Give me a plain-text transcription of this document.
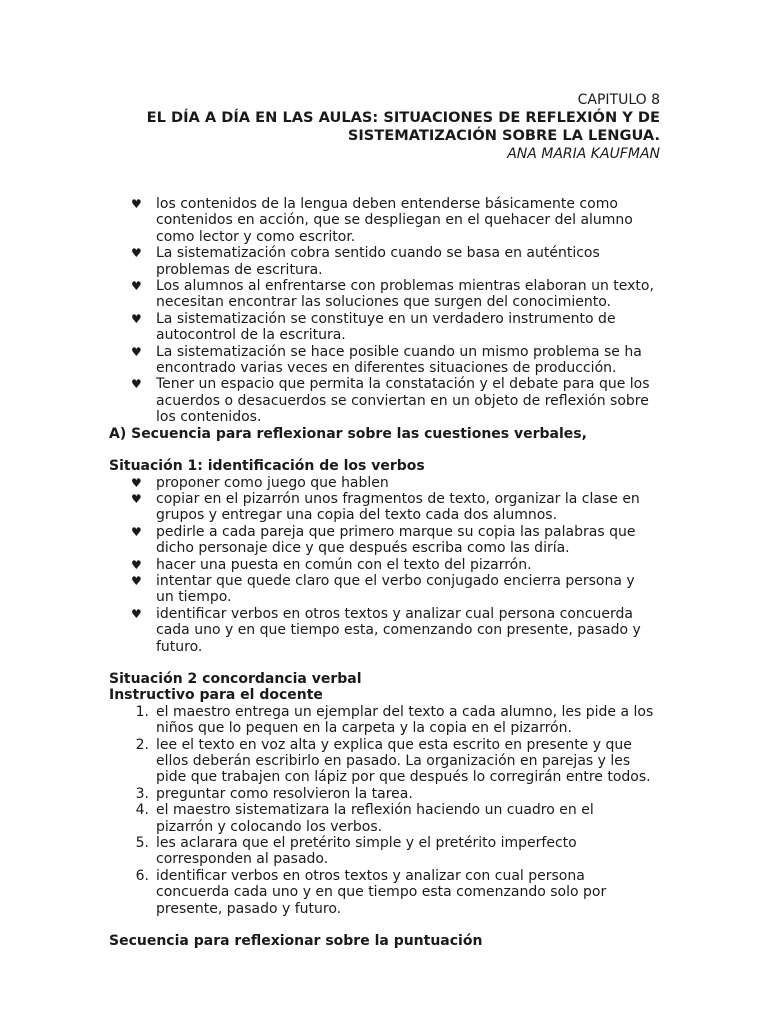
CAPITULO 8
EL DÍA A DÍA EN LAS AULAS: SITUACIONES DE REFLEXIÓN Y DE
SISTEMATIZACIÓN SOBRE LA LENGUA.
ANA MARIA KAUFMAN
♥ los contenidos de la lengua deben entenderse básicamente como contenidos en acción, que se despliegan en el quehacer del alumno como lector y como escritor.
♥ La sistematización cobra sentido cuando se basa en auténticos problemas de escritura.
♥ Los alumnos al enfrentarse con problemas mientras elaboran un texto, necesitan encontrar las soluciones que surgen del conocimiento.
♥ La sistematización se constituye en un verdadero instrumento de autocontrol de la escritura.
♥ La sistematización se hace posible cuando un mismo problema se ha encontrado varias veces en diferentes situaciones de producción.
♥ Tener un espacio que permita la constatación y el debate para que los acuerdos o desacuerdos se conviertan en un objeto de reflexión sobre los contenidos.
A) Secuencia para reflexionar sobre las cuestiones verbales,
Situación 1: identificación de los verbos
♥ proponer como juego que hablen
♥ copiar en el pizarrón unos fragmentos de texto, organizar la clase en grupos y entregar una copia del texto cada dos alumnos.
♥ pedirle a cada pareja que primero marque su copia las palabras que dicho personaje dice y que después escriba como las diría.
♥ hacer una puesta en común con el texto del pizarrón.
♥ intentar que quede claro que el verbo conjugado encierra persona y un tiempo.
♥ identificar verbos en otros textos y analizar cual persona concuerda cada uno y en que tiempo esta, comenzando con presente, pasado y futuro.
Situación 2 concordancia verbal
Instructivo para el docente
1. el maestro entrega un ejemplar del texto a cada alumno, les pide a los niños que lo pequen en la carpeta y la copia en el pizarrón.
2. lee el texto en voz alta y explica que esta escrito en presente y que ellos deberán escribirlo en pasado. La organización en parejas y les pide que trabajen con lápiz por que después lo corregirán entre todos.
3. preguntar como resolvieron la tarea.
4. el maestro sistematizara la reflexión haciendo un cuadro en el pizarrón y colocando los verbos.
5. les aclarara que el pretérito simple y el pretérito imperfecto corresponden al pasado.
6. identificar verbos en otros textos y analizar con cual persona concuerda cada uno y en que tiempo esta comenzando solo por presente, pasado y futuro.
Secuencia para reflexionar sobre la puntuación
